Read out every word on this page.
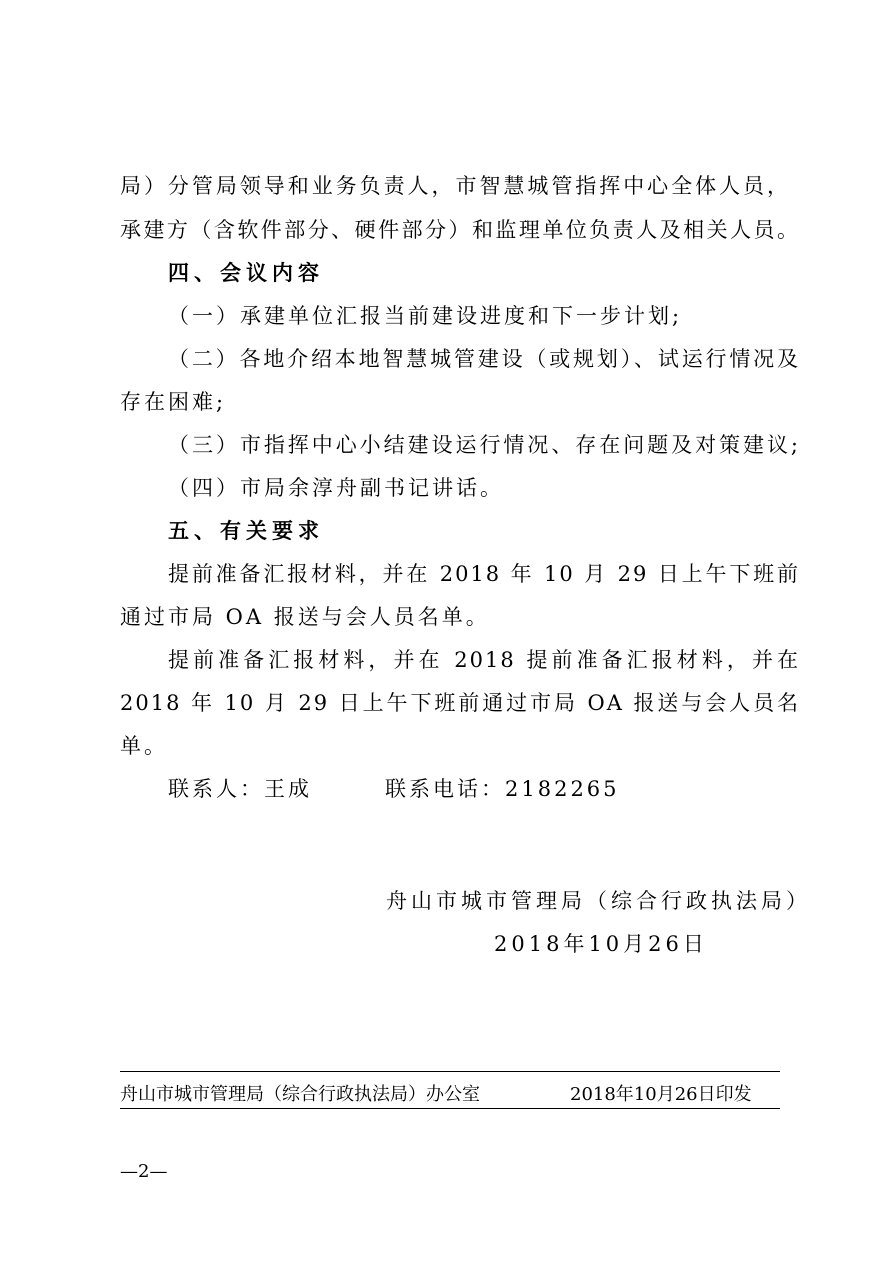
局）分管局领导和业务负责人，市智慧城管指挥中心全体人员，
承建方（含软件部分、硬件部分）和监理单位负责人及相关人员。
四、会议内容
（一）承建单位汇报当前建设进度和下一步计划;
（二）各地介绍本地智慧城管建设（或规划）、试运行情况及
存在困难;
（三）市指挥中心小结建设运行情况、存在问题及对策建议;
（四）市局余淳舟副书记讲话。
五、有关要求
提前准备汇报材料，并在 2018 年 10 月 29 日上午下班前
通过市局 OA 报送与会人员名单。
提前准备汇报材料，并在 2018 提前准备汇报材料，并在
2018 年 10 月 29 日上午下班前通过市局 OA 报送与会人员名
单。
联系人：王成	联系电话：2182265
舟山市城市管理局（综合行政执法局）
2018年10月26日
舟山市城市管理局（综合行政执法局）办公室	2018年10月26日印发
—2—
